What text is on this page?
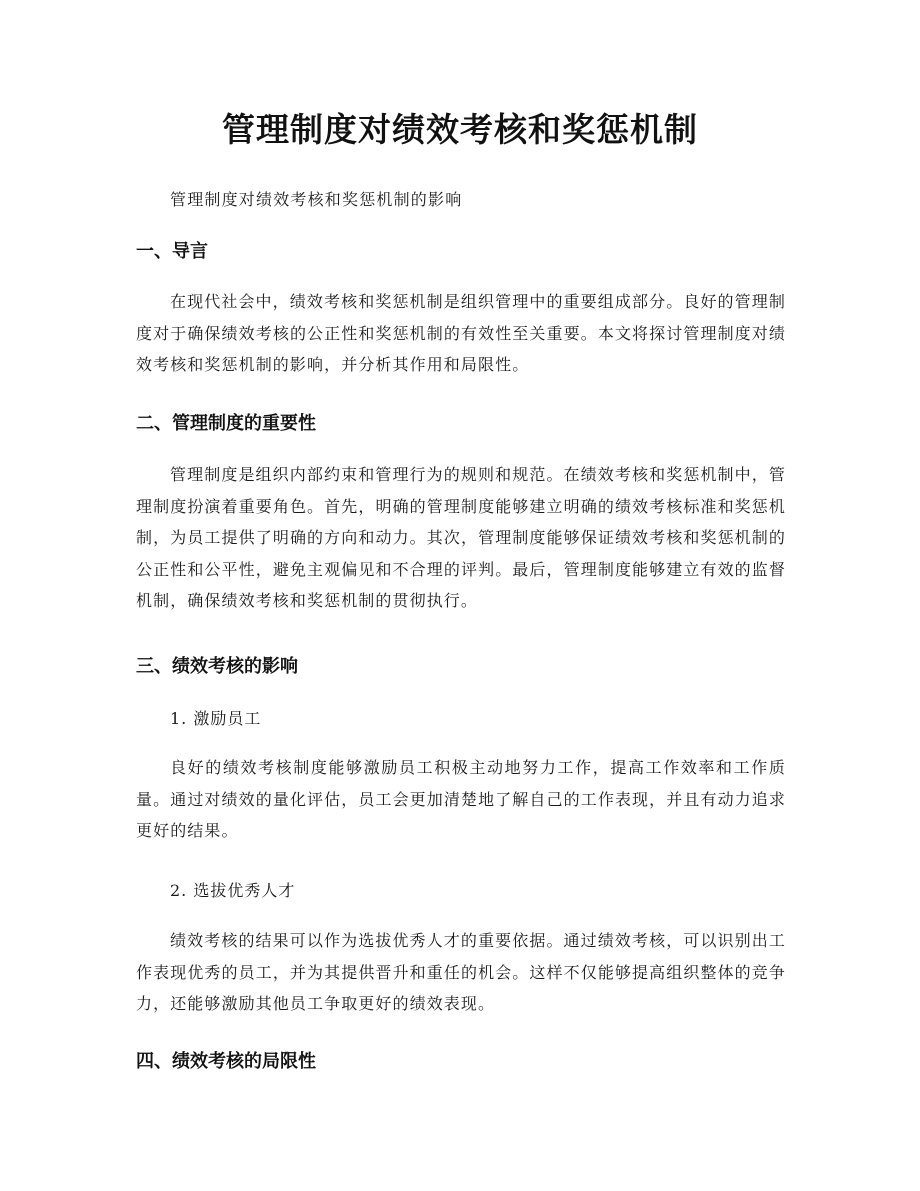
管理制度对绩效考核和奖惩机制
管理制度对绩效考核和奖惩机制的影响
一、导言
在现代社会中，绩效考核和奖惩机制是组织管理中的重要组成部分。良好的管理制度对于确保绩效考核的公正性和奖惩机制的有效性至关重要。本文将探讨管理制度对绩效考核和奖惩机制的影响，并分析其作用和局限性。
二、管理制度的重要性
管理制度是组织内部约束和管理行为的规则和规范。在绩效考核和奖惩机制中，管理制度扮演着重要角色。首先，明确的管理制度能够建立明确的绩效考核标准和奖惩机制，为员工提供了明确的方向和动力。其次，管理制度能够保证绩效考核和奖惩机制的公正性和公平性，避免主观偏见和不合理的评判。最后，管理制度能够建立有效的监督机制，确保绩效考核和奖惩机制的贯彻执行。
三、绩效考核的影响
1. 激励员工
良好的绩效考核制度能够激励员工积极主动地努力工作，提高工作效率和工作质量。通过对绩效的量化评估，员工会更加清楚地了解自己的工作表现，并且有动力追求更好的结果。
2. 选拔优秀人才
绩效考核的结果可以作为选拔优秀人才的重要依据。通过绩效考核，可以识别出工作表现优秀的员工，并为其提供晋升和重任的机会。这样不仅能够提高组织整体的竞争力，还能够激励其他员工争取更好的绩效表现。
四、绩效考核的局限性
